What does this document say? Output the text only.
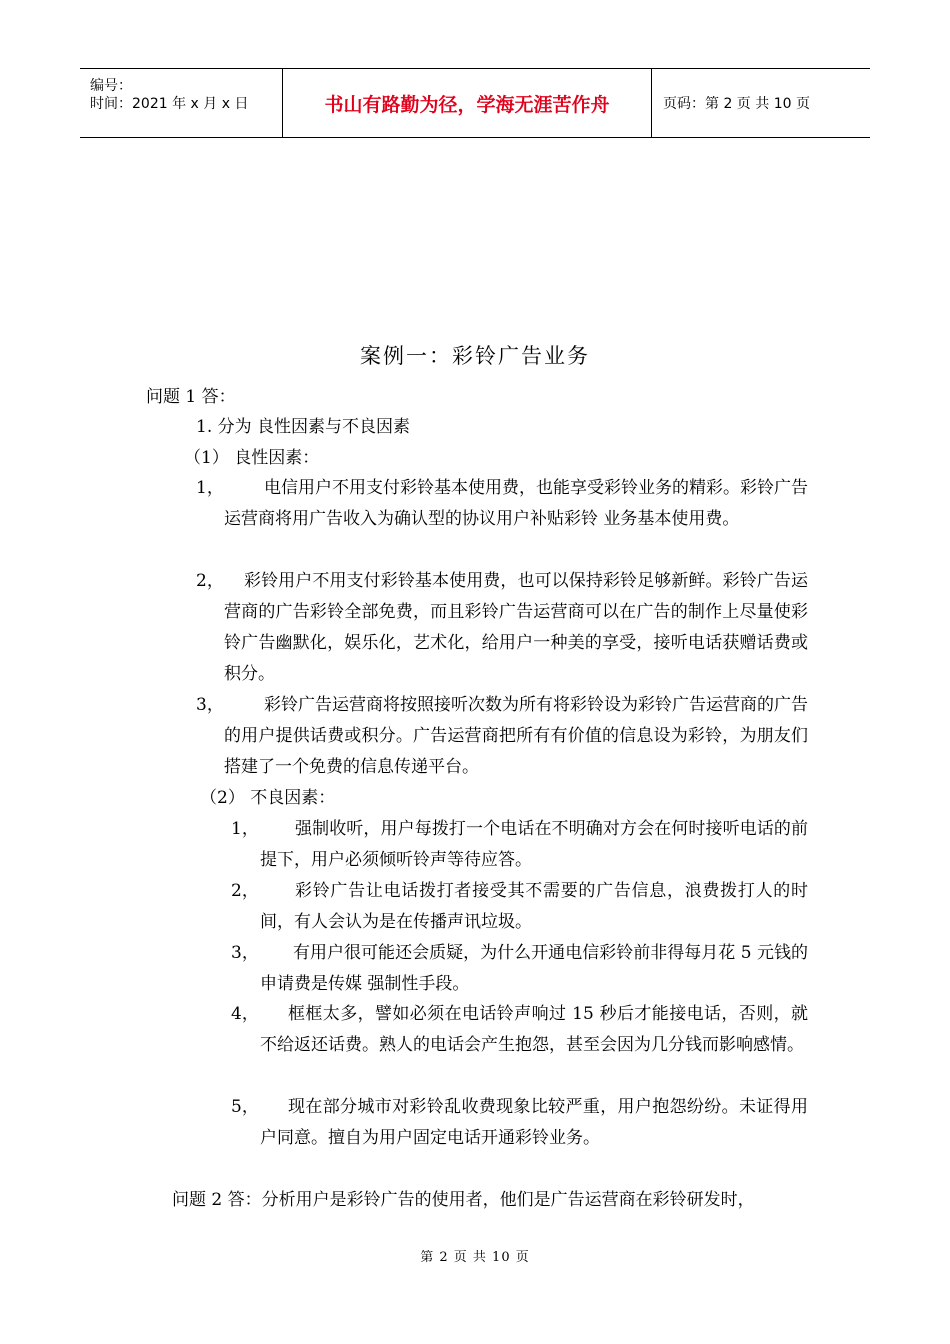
编号：
时间：2021 年 x 月 x 日	书山有路勤为径，学海无涯苦作舟	页码：第 2 页 共 10 页
案例一：彩铃广告业务
问题 1 答：
1. 分为 良性因素与不良因素
（1） 良性因素：
1，	电信用户不用支付彩铃基本使用费，也能享受彩铃业务的精彩。彩铃广告运营商将用广告收入为确认型的协议用户补贴彩铃 业务基本使用费。
2，	彩铃用户不用支付彩铃基本使用费，也可以保持彩铃足够新鲜。彩铃广告运营商的广告彩铃全部免费，而且彩铃广告运营商可以在广告的制作上尽量使彩铃广告幽默化，娱乐化，艺术化，给用户一种美的享受，接听电话获赠话费或积分。
3，	彩铃广告运营商将按照接听次数为所有将彩铃设为彩铃广告运营商的广告的用户提供话费或积分。广告运营商把所有有价值的信息设为彩铃，为朋友们搭建了一个免费的信息传递平台。
（2） 不良因素：
1，	强制收听，用户每拨打一个电话在不明确对方会在何时接听电话的前提下，用户必须倾听铃声等待应答。
2，	彩铃广告让电话拨打者接受其不需要的广告信息，浪费拨打人的时间，有人会认为是在传播声讯垃圾。
3，	有用户很可能还会质疑，为什么开通电信彩铃前非得每月花 5 元钱的申请费是传媒 强制性手段。
4，	框框太多，譬如必须在电话铃声响过 15 秒后才能接电话，否则，就不给返还话费。熟人的电话会产生抱怨，甚至会因为几分钱而影响感情。
5，	现在部分城市对彩铃乱收费现象比较严重，用户抱怨纷纷。未证得用户同意。擅自为用户固定电话开通彩铃业务。
问题 2 答：分析用户是彩铃广告的使用者，他们是广告运营商在彩铃研发时，
第 2 页 共 10 页
